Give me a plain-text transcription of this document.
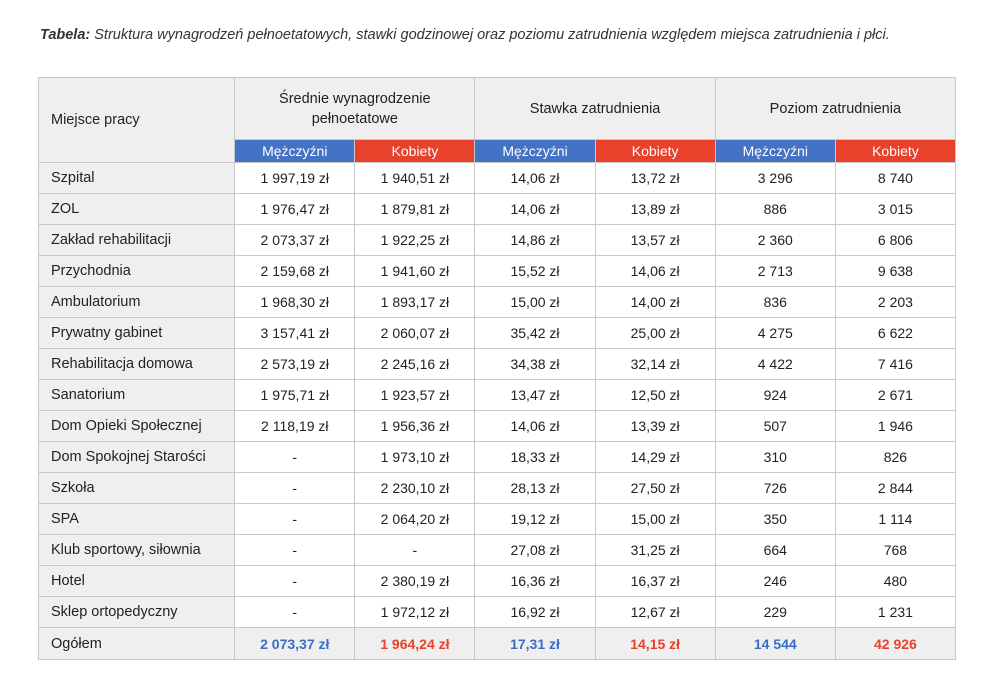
Tabela: Struktura wynagrodzeń pełnoetatowych, stawki godzinowej oraz poziomu zatrudnienia względem miejsca zatrudnienia i płci.
Miejsce pracy	Średnie wynagrodzenie pełnoetatowe		Stawka zatrudnienia		Poziom zatrudnienia	
	Mężczyźni	Kobiety	Mężczyźni	Kobiety	Mężczyźni	Kobiety
Szpital	1 997,19 zł	1 940,51 zł	14,06 zł	13,72 zł	3 296	8 740
ZOL	1 976,47 zł	1 879,81 zł	14,06 zł	13,89 zł	886	3 015
Zakład rehabilitacji	2 073,37 zł	1 922,25 zł	14,86 zł	13,57 zł	2 360	6 806
Przychodnia	2 159,68 zł	1 941,60 zł	15,52 zł	14,06 zł	2 713	9 638
Ambulatorium	1 968,30 zł	1 893,17 zł	15,00 zł	14,00 zł	836	2 203
Prywatny gabinet	3 157,41 zł	2 060,07 zł	35,42 zł	25,00 zł	4 275	6 622
Rehabilitacja domowa	2 573,19 zł	2 245,16 zł	34,38 zł	32,14 zł	4 422	7 416
Sanatorium	1 975,71 zł	1 923,57 zł	13,47 zł	12,50 zł	924	2 671
Dom Opieki Społecznej	2 118,19 zł	1 956,36 zł	14,06 zł	13,39 zł	507	1 946
Dom Spokojnej Starości	-	1 973,10 zł	18,33 zł	14,29 zł	310	826
Szkoła	-	2 230,10 zł	28,13 zł	27,50 zł	726	2 844
SPA	-	2 064,20 zł	19,12 zł	15,00 zł	350	1 114
Klub sportowy, siłownia	-	-	27,08 zł	31,25 zł	664	768
Hotel	-	2 380,19 zł	16,36 zł	16,37 zł	246	480
Sklep ortopedyczny	-	1 972,12 zł	16,92 zł	12,67 zł	229	1 231
Ogółem	2 073,37 zł	1 964,24 zł	17,31 zł	14,15 zł	14 544	42 926
